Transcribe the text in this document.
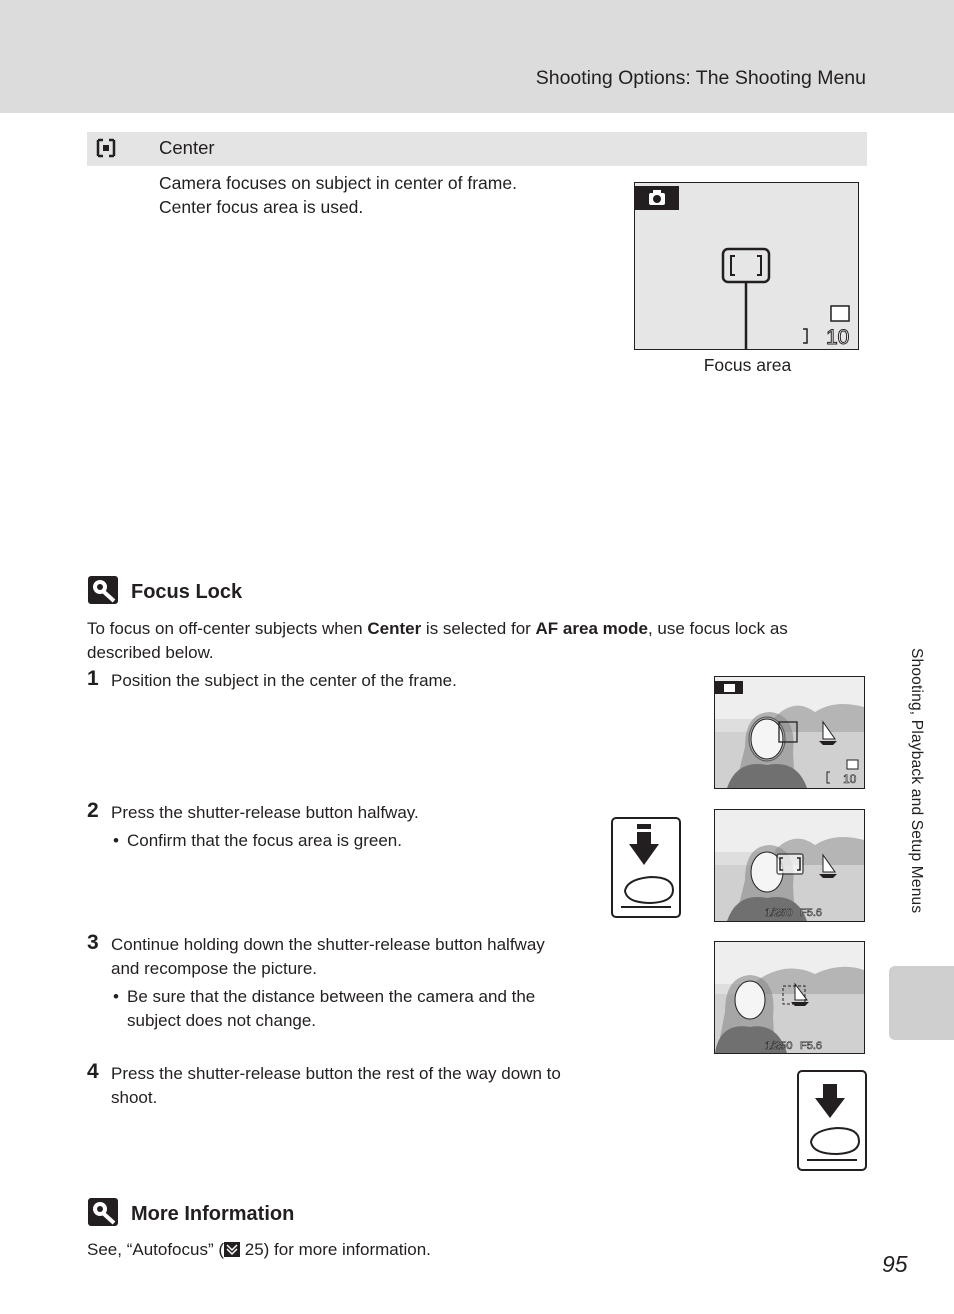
Shooting Options: The Shooting Menu
Center
Camera focuses on subject in center of frame.
Center focus area is used.
10
Focus area
Focus Lock
To focus on off-center subjects when Center is selected for AF area mode, use focus lock as
described below.
1 Position the subject in the center of the frame.
2 Press the shutter-release button halfway.
• Confirm that the focus area is green.
3 Continue holding down the shutter-release button halfway
and recompose the picture.
• Be sure that the distance between the camera and the
subject does not change.
4 Press the shutter-release button the rest of the way down to
shoot.
10
1/250 F5.6
1/250 F5.6
More Information
See, “Autofocus” ( 25) for more information.
Shooting, Playback and Setup Menus
95
